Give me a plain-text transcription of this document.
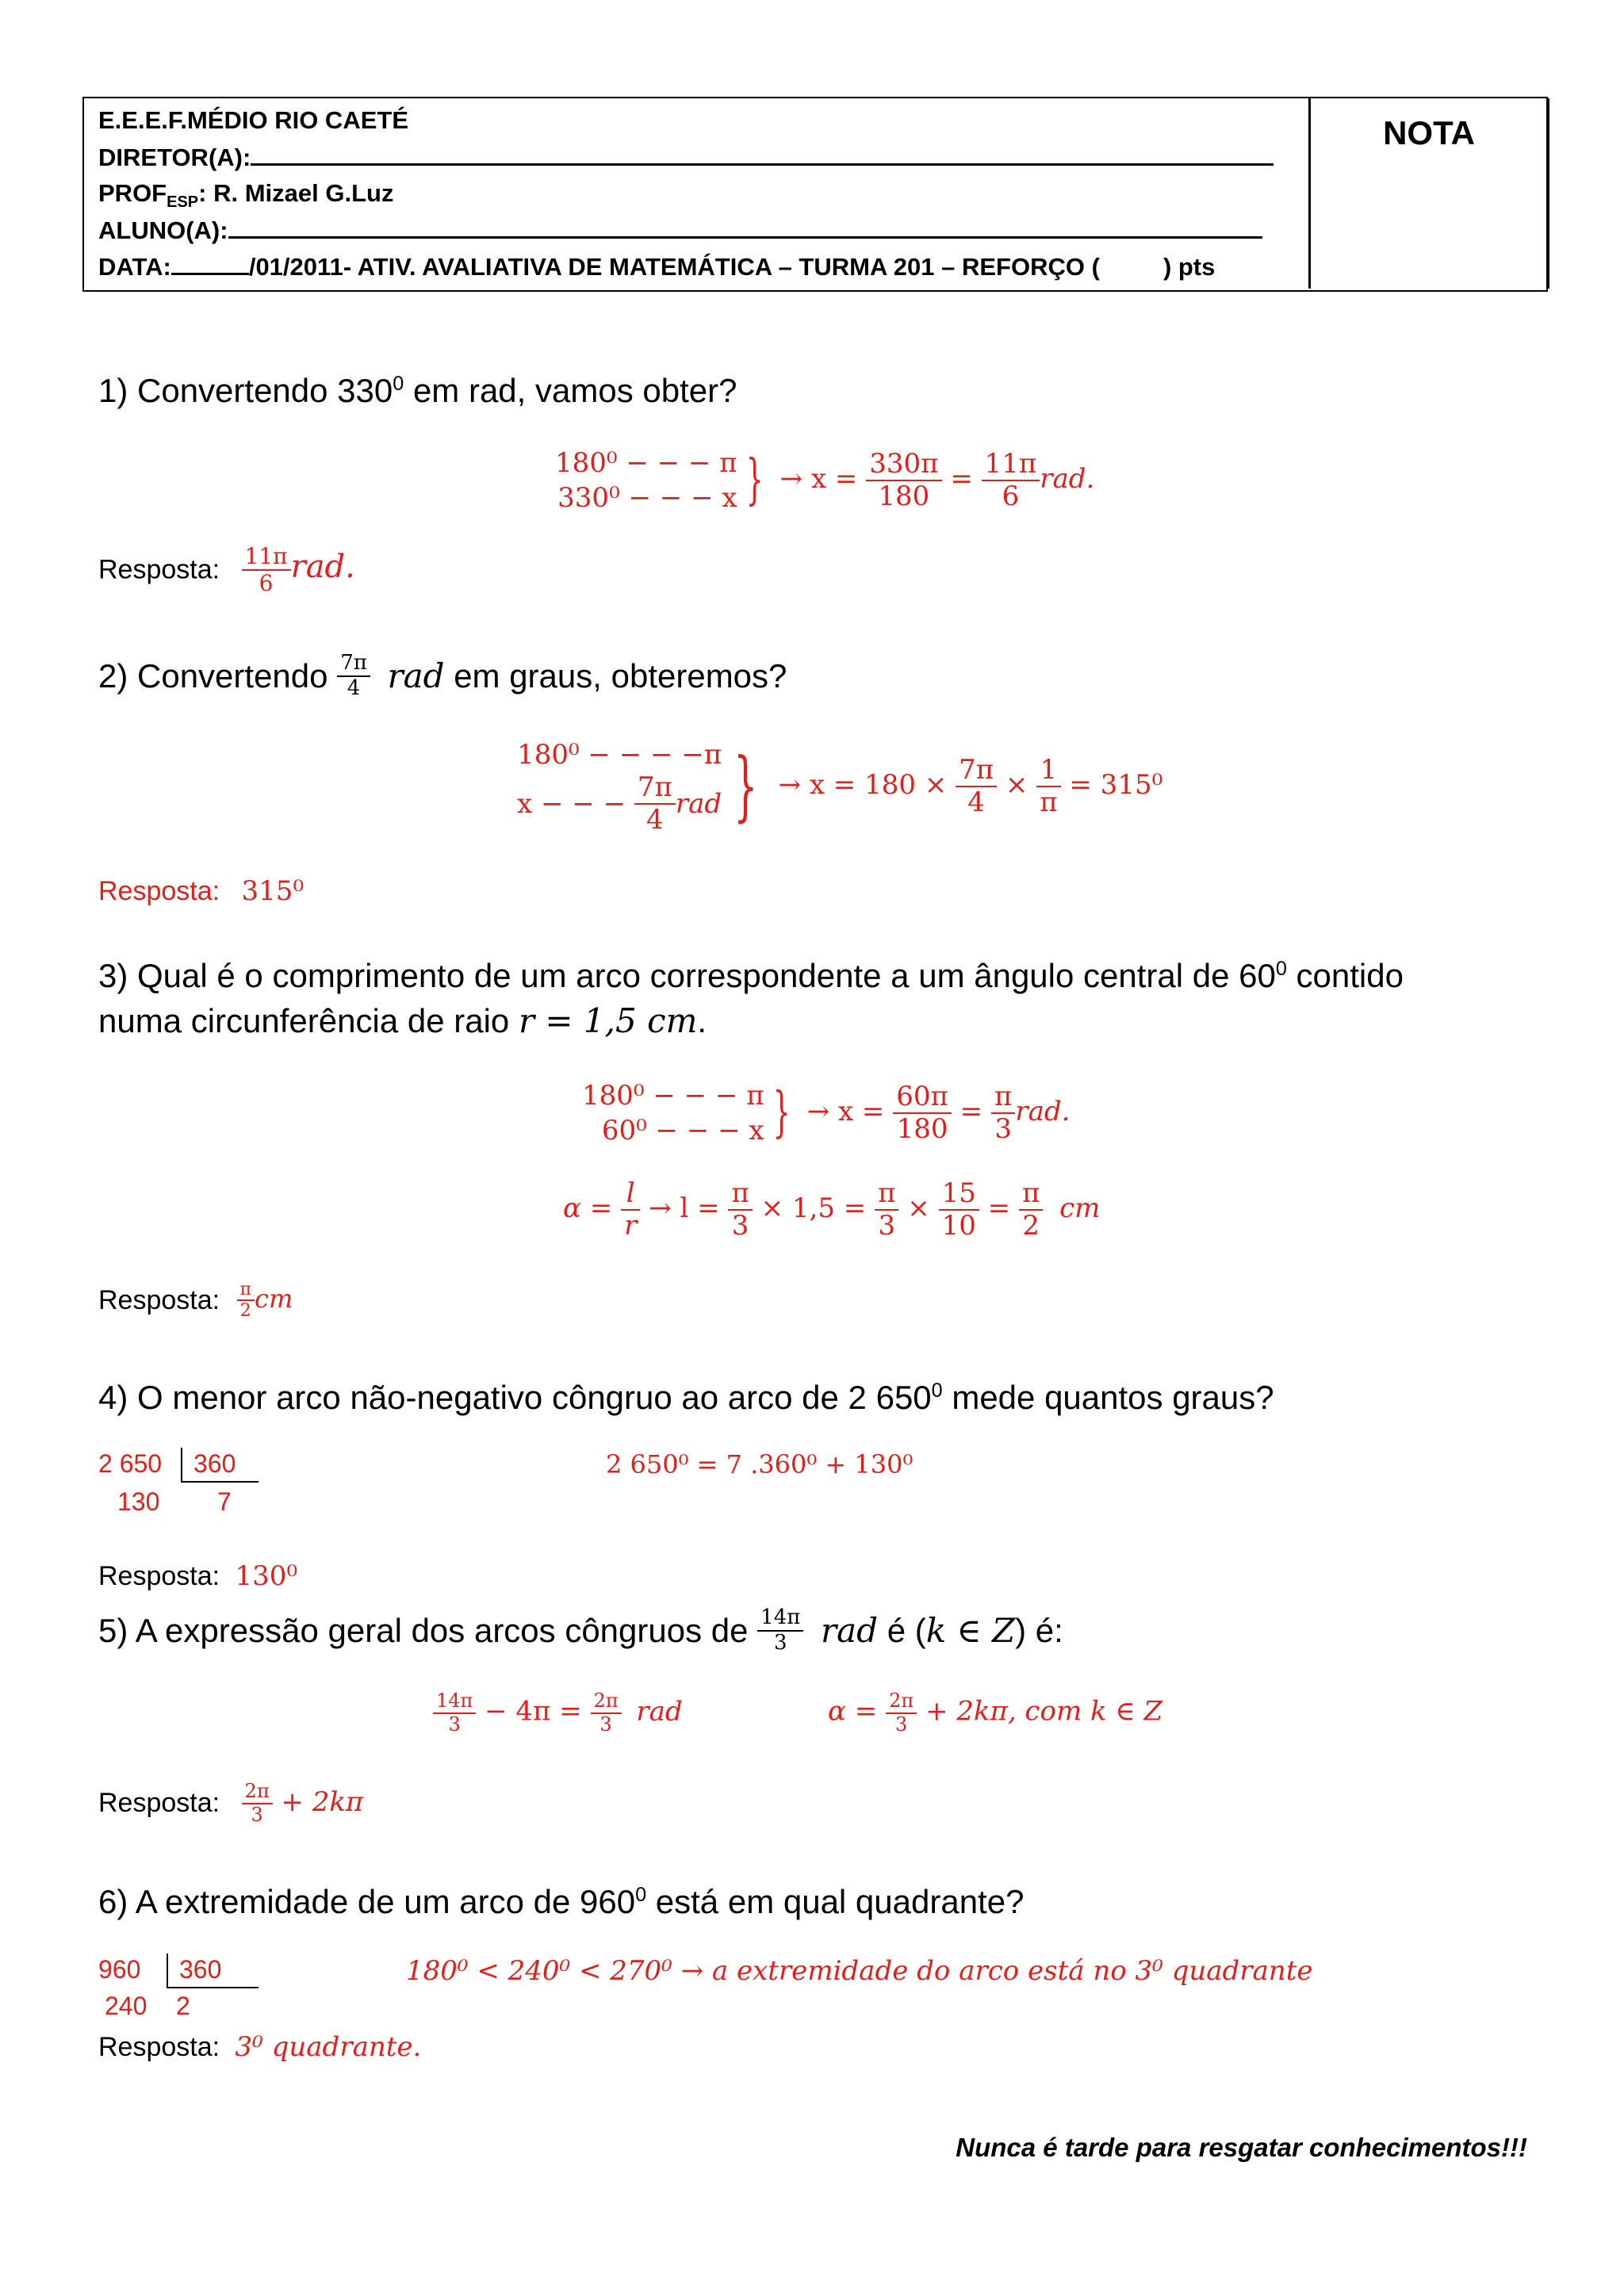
E.E.E.F.MÉDIO RIO CAETÉ
DIRETOR(A):
$PROF_{ESP}$: R. Mizael G.Luz
ALUNO(A):
DATA:	/01/2011- ATIV. AVALIATIVA DE MATEMÁTICA – TURMA 201 – REFORÇO (	) pts
NOTA
1) Convertendo $330^0$ em rad, vamos obter?
180⁰ − − − π
330⁰ − − − x } → $x = \frac{330\pi}{180} = \frac{11\pi}{6}$ rad.
Resposta: $\frac{11\pi}{6}$ rad.
2) Convertendo $\frac{7\pi}{4}$ rad em graus, obteremos?
180⁰ − − − −π
x − − − $\frac{7\pi}{4}$ rad } → $x = 180 \times \frac{7\pi}{4} \times \frac{1}{\pi} = 315^0$
Resposta: 315⁰
3) Qual é o comprimento de um arco correspondente a um ângulo central de $60^0$ contido
numa circunferência de raio r = 1,5 cm.
180⁰ − − − π
60⁰ − − − x } → $x = \frac{60\pi}{180} = \frac{\pi}{3}$ rad.
$\alpha = \frac{l}{r} \to l = \frac{\pi}{3} \times 1,5 = \frac{\pi}{3} \times \frac{15}{10} = \frac{\pi}{2}$ cm
Resposta: $\frac{\pi}{2}$ cm
4) O menor arco não-negativo côngruo ao arco de 2 $650^0$ mede quantos graus?
2 650 360
130 7
2 650⁰ = 7 .360⁰ + 130⁰
Resposta: 130⁰
5) A expressão geral dos arcos côngruos de $\frac{14\pi}{3}$ rad é (k ∈ Z) é:
$\frac{14\pi}{3} - 4\pi = \frac{2\pi}{3}$ rad	$\alpha = \frac{2\pi}{3} + 2k\pi$, com k ∈ Z
Resposta: $\frac{2\pi}{3} + 2k\pi$
6) A extremidade de um arco de $960^0$ está em qual quadrante?
960 360
240 2
180⁰ < 240⁰ < 270⁰ → a extremidade do arco está no 3⁰ quadrante
Resposta: 3⁰ quadrante.
Nunca é tarde para resgatar conhecimentos!!!
